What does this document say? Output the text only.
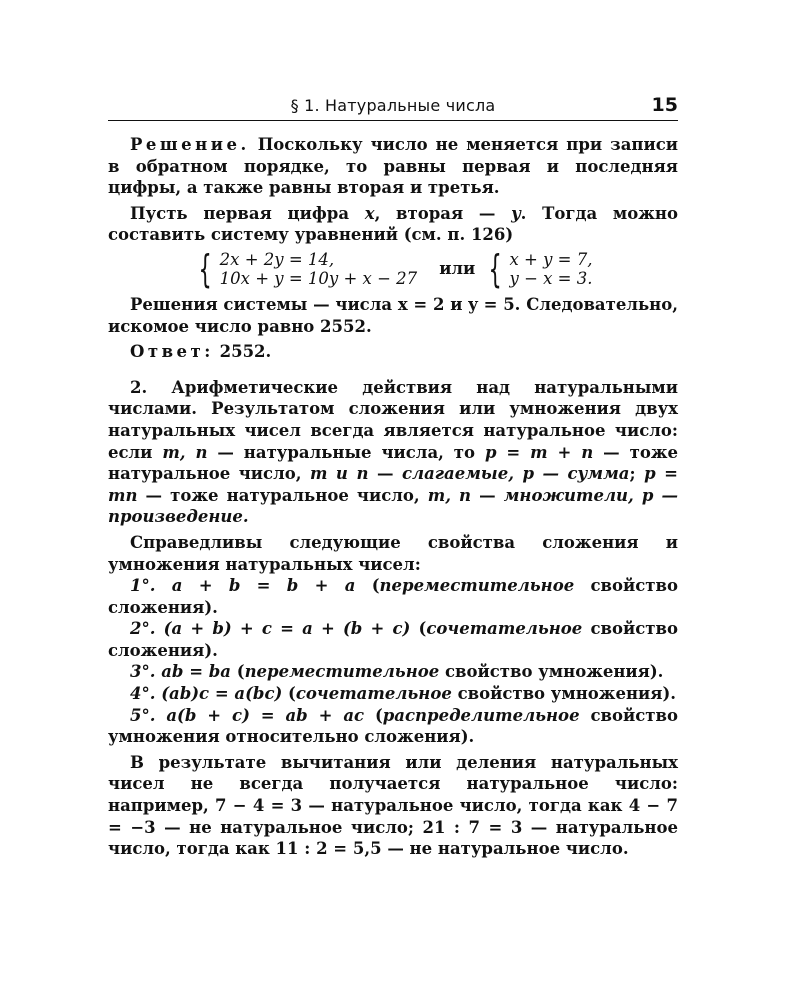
§ 1. Натуральные числа	15

Решение. Поскольку число не меняется при записи в обратном порядке, то равны первая и последняя цифры, а также равны вторая и третья.

Пусть первая цифра x, вторая — y. Тогда можно составить систему уравнений (см. п. 126)

{ 2x + 2y = 14,
10x + y = 10y + x − 27
или { x + y = 7,
y − x = 3.

Решения системы — числа x = 2 и y = 5. Следовательно, искомое число равно 2552.

Ответ: 2552.

2. Арифметические действия над натуральными числами. Результатом сложения или умножения двух натуральных чисел всегда является натуральное число: если m, n — натуральные числа, то p = m + n — тоже натуральное число, m и n — слагаемые, p — сумма; p = mn — тоже натуральное число, m, n — множители, p — произведение.

Справедливы следующие свойства сложения и умножения натуральных чисел:

1°. a + b = b + a (переместительное свойство сложения).

2°. (a + b) + c = a + (b + c) (сочетательное свойство сложения).

3°. ab = ba (переместительное свойство умножения).

4°. (ab)c = a(bc) (сочетательное свойство умножения).

5°. a(b + c) = ab + ac (распределительное свойство умножения относительно сложения).

В результате вычитания или деления натуральных чисел не всегда получается натуральное число: например, 7 − 4 = 3 — натуральное число, тогда как 4 − 7 = −3 — не натуральное число; 21 : 7 = 3 — натуральное число, тогда как 11 : 2 = 5,5 — не натуральное число.
